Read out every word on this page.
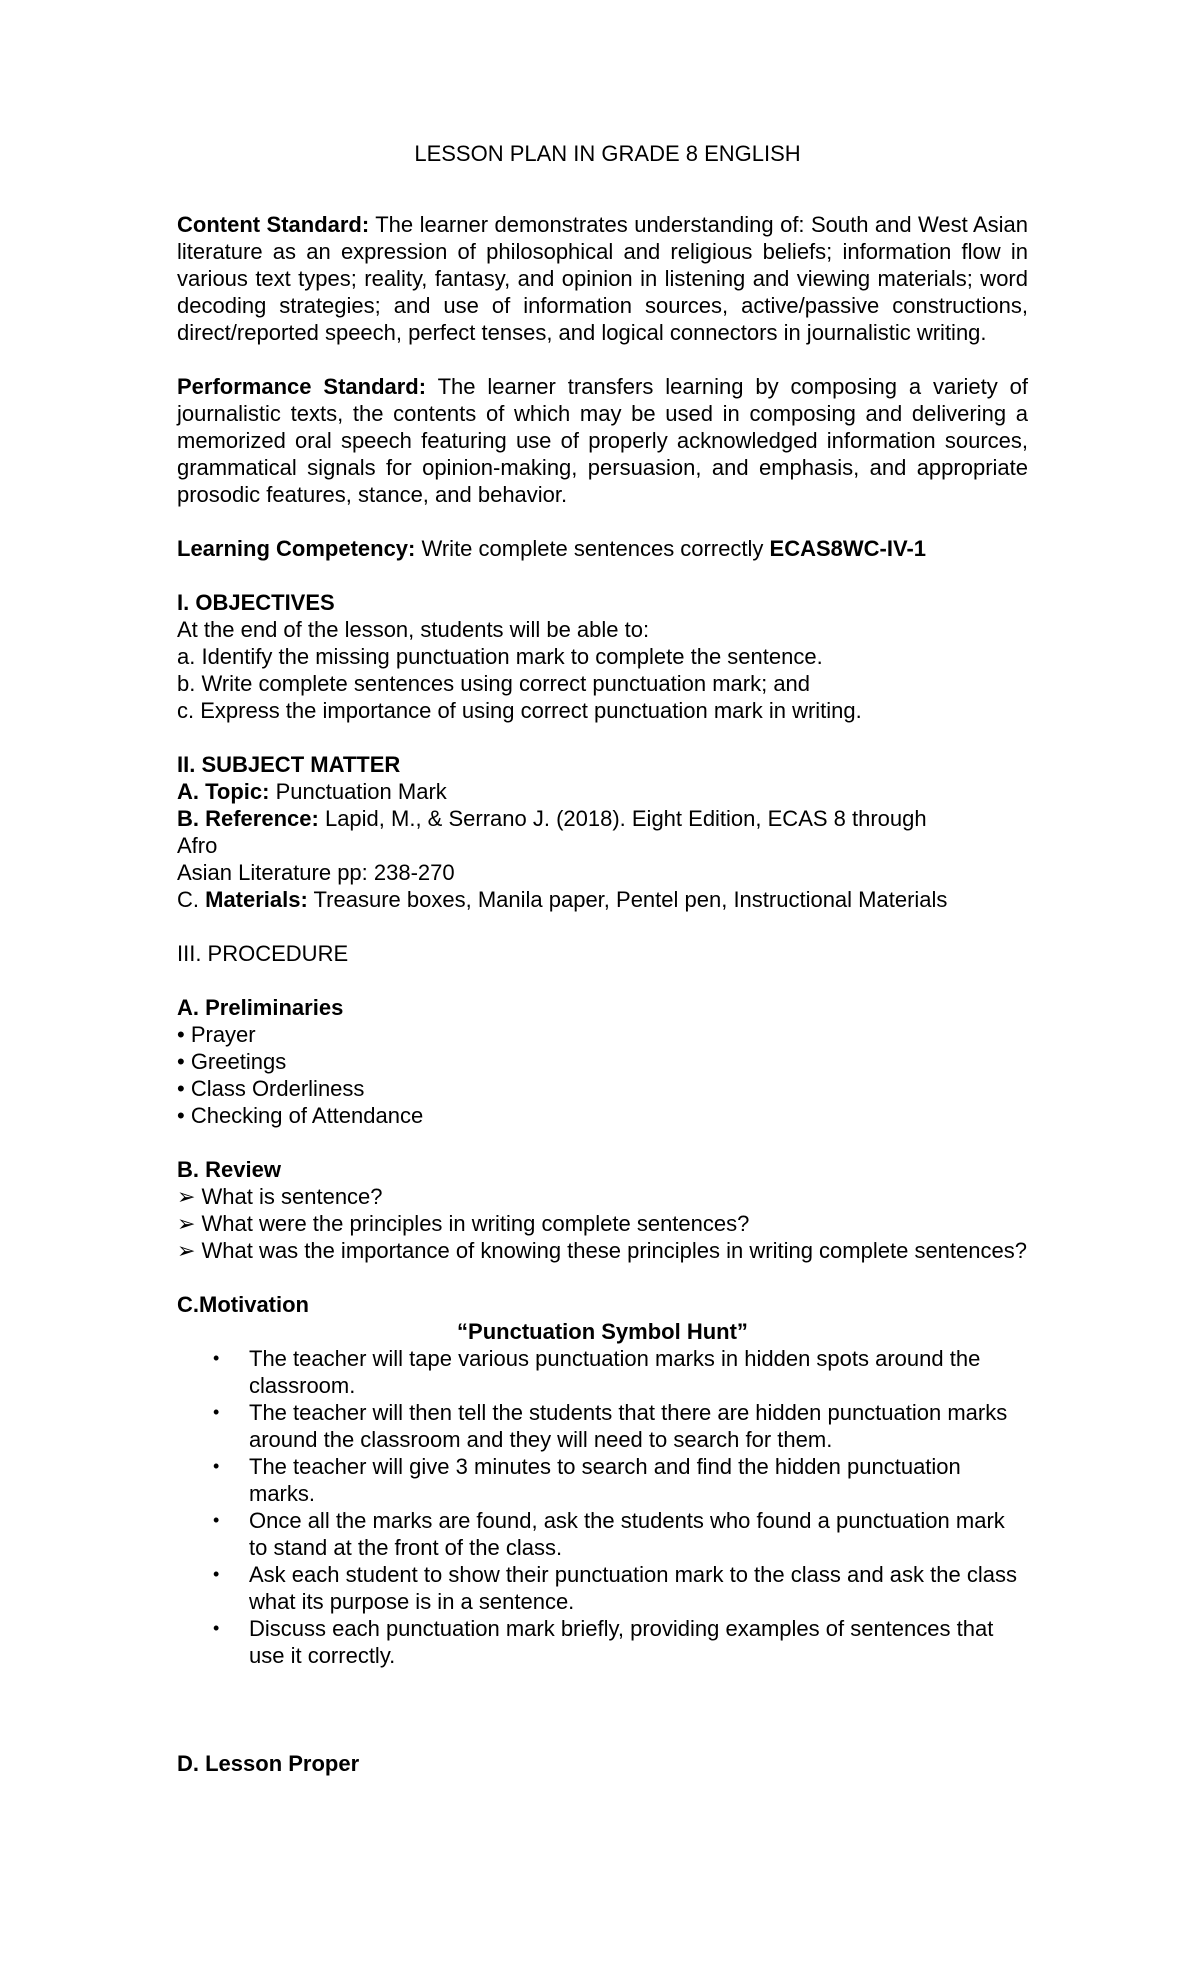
LESSON PLAN IN GRADE 8 ENGLISH

Content Standard: The learner demonstrates understanding of: South and West Asian literature as an expression of philosophical and religious beliefs; information flow in various text types; reality, fantasy, and opinion in listening and viewing materials; word decoding strategies; and use of information sources, active/passive constructions, direct/reported speech, perfect tenses, and logical connectors in journalistic writing.

Performance Standard: The learner transfers learning by composing a variety of journalistic texts, the contents of which may be used in composing and delivering a memorized oral speech featuring use of properly acknowledged information sources, grammatical signals for opinion-making, persuasion, and emphasis, and appropriate prosodic features, stance, and behavior.

Learning Competency: Write complete sentences correctly ECAS8WC-IV-1

I. OBJECTIVES

At the end of the lesson, students will be able to:

a. Identify the missing punctuation mark to complete the sentence.

b. Write complete sentences using correct punctuation mark; and

c. Express the importance of using correct punctuation mark in writing.

II. SUBJECT MATTER

A. Topic: Punctuation Mark

B. Reference: Lapid, M., & Serrano J. (2018). Eight Edition, ECAS 8 through

Afro

Asian Literature pp: 238-270

C. Materials: Treasure boxes, Manila paper, Pentel pen, Instructional Materials

III. PROCEDURE

A. Preliminaries

• Prayer

• Greetings

• Class Orderliness

• Checking of Attendance

B. Review

➢ What is sentence?

➢ What were the principles in writing complete sentences?

➢ What was the importance of knowing these principles in writing complete sentences?

C.Motivation

“Punctuation Symbol Hunt”

• The teacher will tape various punctuation marks in hidden spots around the classroom.
• The teacher will then tell the students that there are hidden punctuation marks around the classroom and they will need to search for them.
• The teacher will give 3 minutes to search and find the hidden punctuation marks.
• Once all the marks are found, ask the students who found a punctuation mark to stand at the front of the class.
• Ask each student to show their punctuation mark to the class and ask the class what its purpose is in a sentence.
• Discuss each punctuation mark briefly, providing examples of sentences that use it correctly.

D. Lesson Proper
